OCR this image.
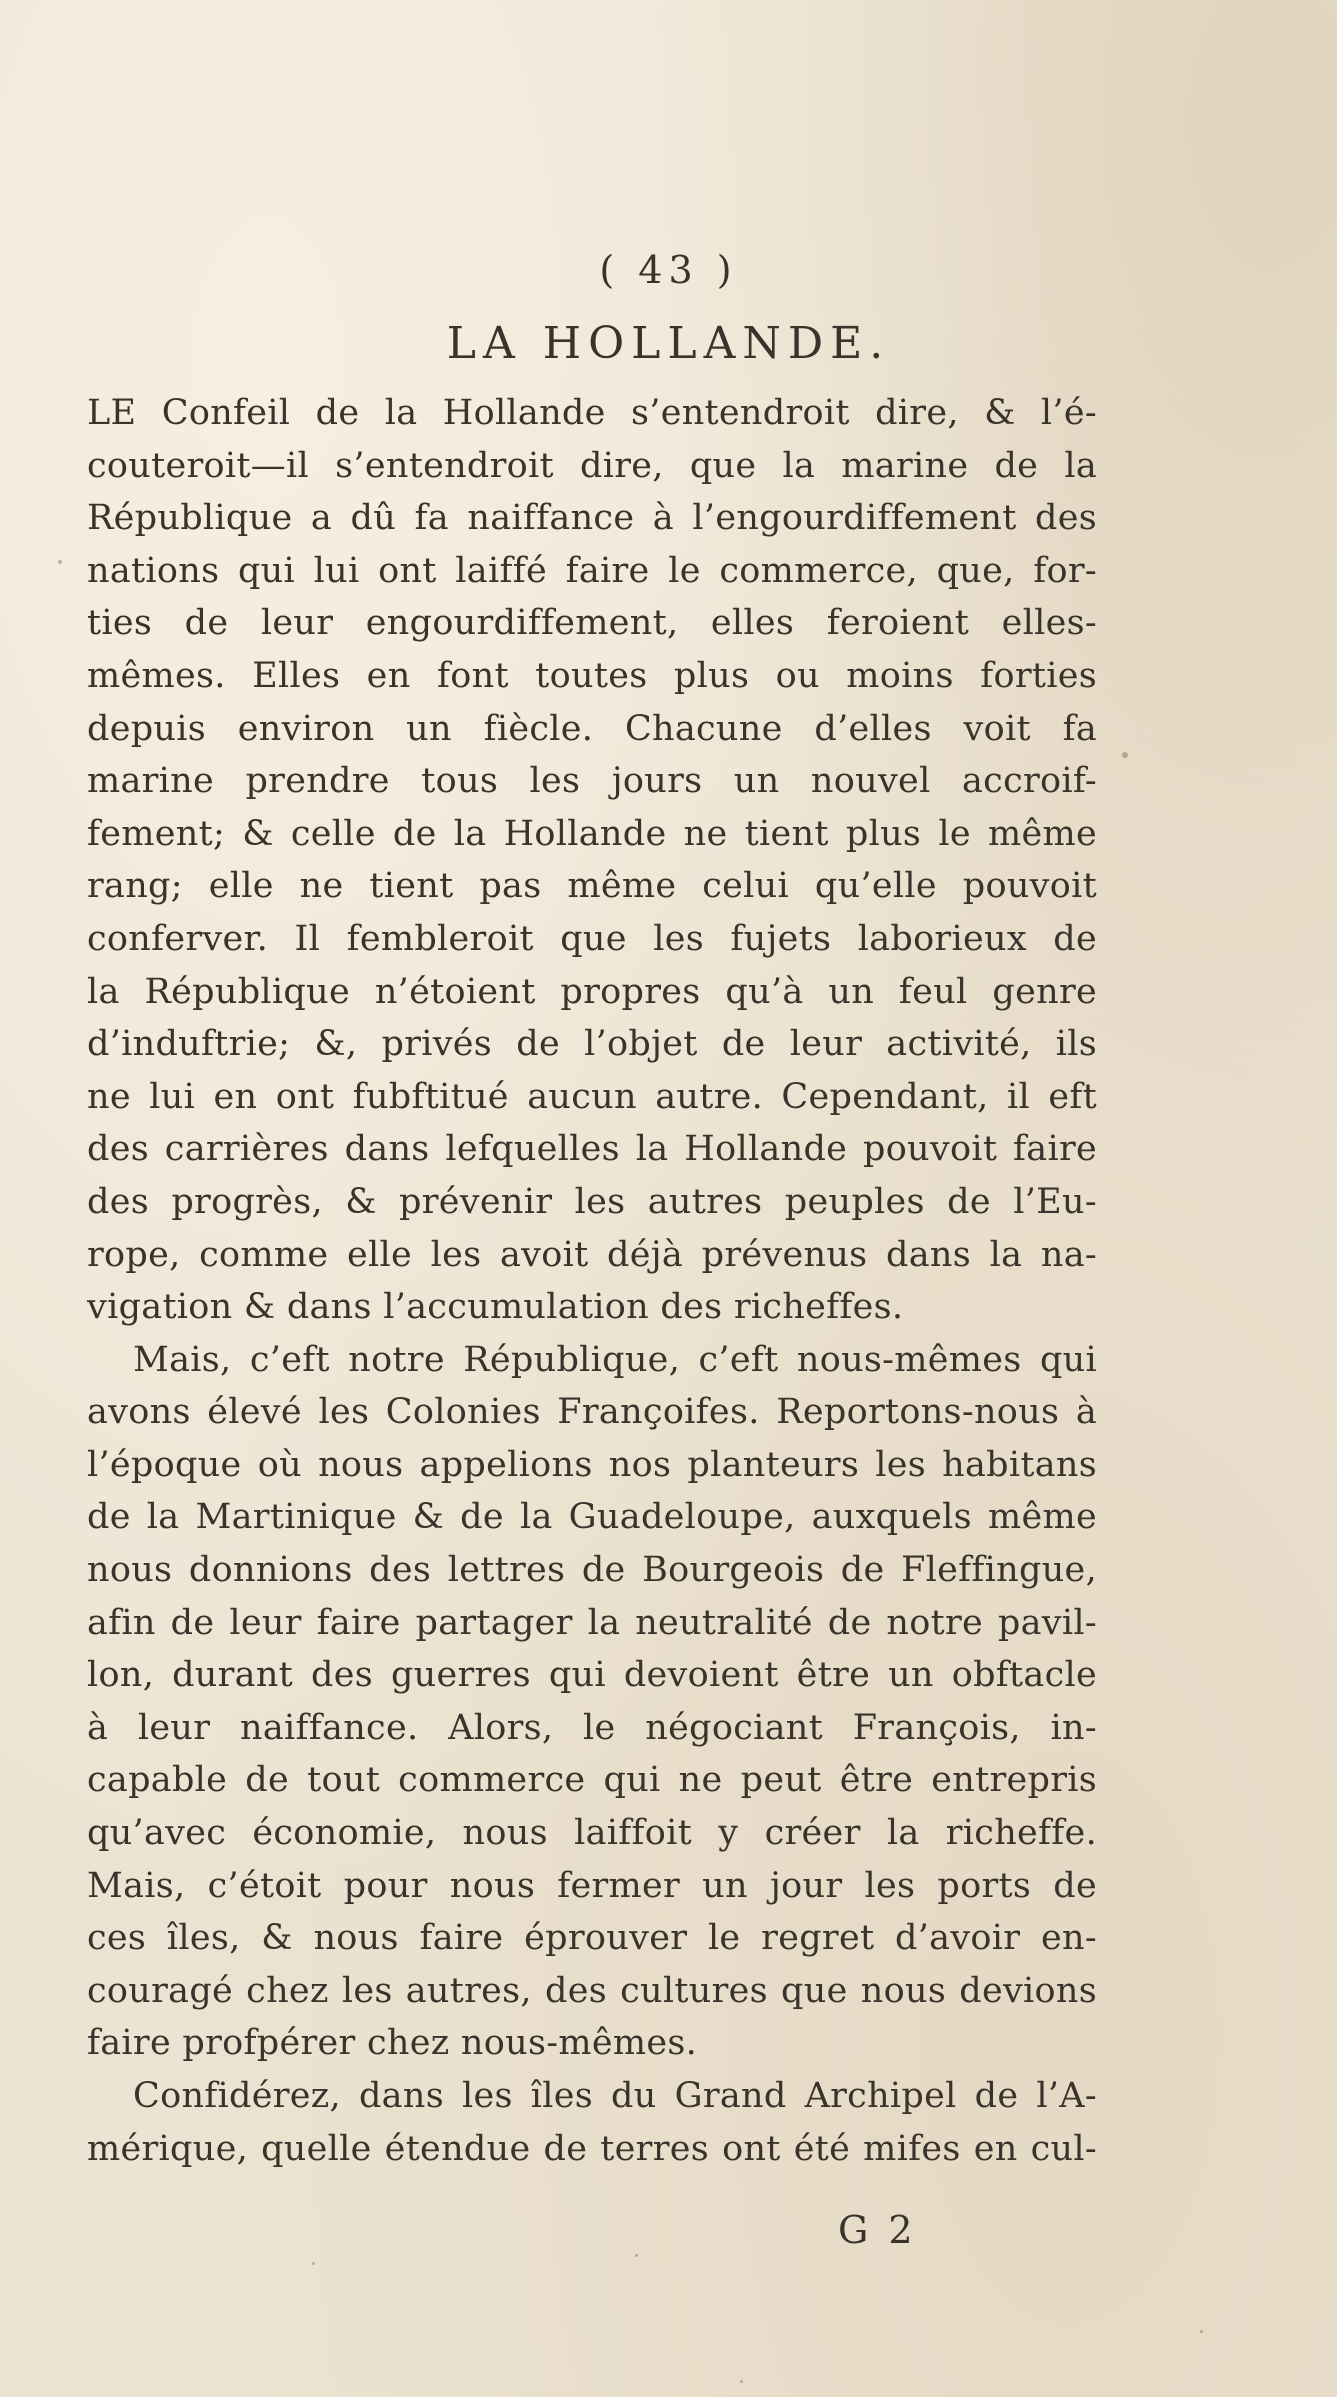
( 43 )
LA HOLLANDE.
LE Confeil de la Hollande s’entendroit dire, & l’é-
couteroit—il s’entendroit dire, que la marine de la
République a dû fa naiffance à l’engourdiffement des
nations qui lui ont laiffé faire le commerce, que, for-
ties de leur engourdiffement, elles feroient elles-
mêmes. Elles en font toutes plus ou moins forties
depuis environ un fiècle. Chacune d’elles voit fa
marine prendre tous les jours un nouvel accroif-
fement; & celle de la Hollande ne tient plus le même
rang; elle ne tient pas même celui qu’elle pouvoit
conferver. Il fembleroit que les fujets laborieux de
la République n’étoient propres qu’à un feul genre
d’induftrie; &, privés de l’objet de leur activité, ils
ne lui en ont fubftitué aucun autre. Cependant, il eft
des carrières dans lefquelles la Hollande pouvoit faire
des progrès, & prévenir les autres peuples de l’Eu-
rope, comme elle les avoit déjà prévenus dans la na-
vigation & dans l’accumulation des richeffes.
Mais, c’eft notre République, c’eft nous-mêmes qui
avons élevé les Colonies Françoifes. Reportons-nous à
l’époque où nous appelions nos planteurs les habitans
de la Martinique & de la Guadeloupe, auxquels même
nous donnions des lettres de Bourgeois de Fleffingue,
afin de leur faire partager la neutralité de notre pavil-
lon, durant des guerres qui devoient être un obftacle
à leur naiffance. Alors, le négociant François, in-
capable de tout commerce qui ne peut être entrepris
qu’avec économie, nous laiffoit y créer la richeffe.
Mais, c’étoit pour nous fermer un jour les ports de
ces îles, & nous faire éprouver le regret d’avoir en-
couragé chez les autres, des cultures que nous devions
faire profpérer chez nous-mêmes.
Confidérez, dans les îles du Grand Archipel de l’A-
mérique, quelle étendue de terres ont été mifes en cul-
G 2
